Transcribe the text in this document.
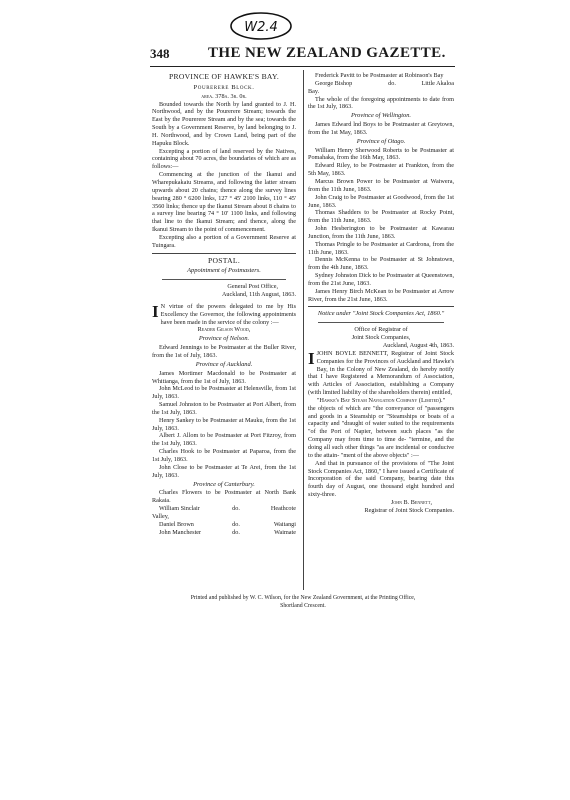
W2.4
348	THE NEW ZEALAND GAZETTE.
PROVINCE OF HAWKE'S BAY.
Pourerere Block.
area. 378a. 3r. 0r.

Bounded towards the North by land granted to J. H. Northwood, and by the Pourerere Stream; towards the East by the Pourerere Stream and by the sea; towards the South by a Government Reserve, by land belonging to J. H. Northwood, and by Crown Land, being part of the Hapuku Block.

Excepting a portion of land reserved by the Natives, containing about 70 acres, the boundaries of which are as follows:—

Commencing at the junction of the Ikanui and Wharepukakaiu Streams, and following the latter stream upwards about 20 chains; thence along the survey lines bearing 280 ° 6200 links, 127 ° 45' 2100 links, 110 ° 45' 3560 links; thence up the Ikanui Stream about 8 chains to a survey line bearing 74 ° 10' 1100 links, and following that line to the Ikanui Stream; and thence, along the Ikanui Stream to the point of commencement.

Excepting also a portion of a Government Reserve at Tuingara.

POSTAL.
Appointment of Postmasters.
General Post Office,
Auckland, 11th August, 1863.
I N virtue of the powers delegated to me by His Excellency the Governor, the following appointments have been made in the service of the colony :—
Reader Gilson Wood,
Province of Nelson.

Edward Jennings to be Postmaster at the Buller River, from the 1st of July, 1863.

Province of Auckland.

James Mortimer Macdonald to be Postmaster at Whitianga, from the 1st of July, 1863.

John McLeod to be Postmaster at Helensville, from 1st July, 1863.

Samuel Johnston to be Postmaster at Port Albert, from the 1st July, 1863.

Henry Sankey to be Postmaster at Mauku, from the 1st July, 1863.

Albert J. Allom to be Postmaster at Port Fitzroy, from the 1st July, 1863.

Charles Hook to be Postmaster at Paparoa, from the 1st July, 1863.

John Close to be Postmaster at Te Arei, from the 1st July, 1863.

Province of Canterbury.

Charles Flowers to be Postmaster at North Bank Rakaia.

William Sinclair	do.	Heathcote
Valley,
Daniel Brown	do.	Waitangi
John Manchester	do.	Waimate

Frederick Pavitt to be Postmaster at Robinson's Bay

George Bishop	do.	Little Akaloa
Bay.

The whole of the foregoing appointments to date from the 1st July, 1863.

Province of Wellington.

James Edward lnd Boys to be Postmaster at Greytown, from the 1st May, 1863.

Province of Otago.

William Henry Sherwood Roberts to be Postmaster at Pomahaka, from the 16th May, 1863.

Edward Riley, to be Postmaster at Frankton, from the 5th May, 1863.

Marcus Brown Power to be Postmaster at Waiwera, from the 11th June, 1863.

John Craig to be Postmaster at Goodwood, from the 1st June, 1863.

Thomas Shadders to be Postmaster at Rocky Point, from the 11th June, 1863.

John Hesberington to be Postmaster at Kawarau Junction, from the 11th June, 1863.

Thomas Pringle to be Postmaster at Cardrona, from the 11th June, 1863.

Dennis McKenna to be Postmaster at St Johnstown, from the 4th June, 1863.

Sydney Johnston Dick to be Postmaster at Queenstown, from the 21st June, 1863.

James Henry Birch McKean to be Postmaster at Arrow River, from the 21st June, 1863.

Notice under "Joint Stock Companies Act, 1860."
Office of Registrar of
Joint Stock Companies,
Auckland, August 4th, 1863.
I JOHN BOYLE BENNETT, Registrar of Joint Stock Companies for the Provinces of Auckland and Hawke's Bay, in the Colony of New Zealand, do hereby notify that I have Registered a Memorandum of Association, with Articles of Association, establishing a Company (with limited liability of the shareholders therein) entitled,
"Hawke's Bay Steam Navigation Company (Limited)."
the objects of which are "the conveyance of "passengers and goods in a Steamship or "Steamships or boats of a capacity and "draught of water suited to the requirements "of the Port of Napier, between such places "as the Company may from time to time de- "termine, and the doing all such other things "as are incidental or conducive to the attain- "ment of the above objects" :—

And that in pursuance of the provisions of "The Joint Stock Companies Act, 1860," I have issued a Certificate of Incorporation of the said Company, bearing date this fourth day of August, one thousand eight hundred and sixty-three.

John B. Bennett,
Registrar of Joint Stock Companies.
Printed and published by W. C. Wilson, for the New Zealand Government, at the Printing Office,
Shortland Crescent.
